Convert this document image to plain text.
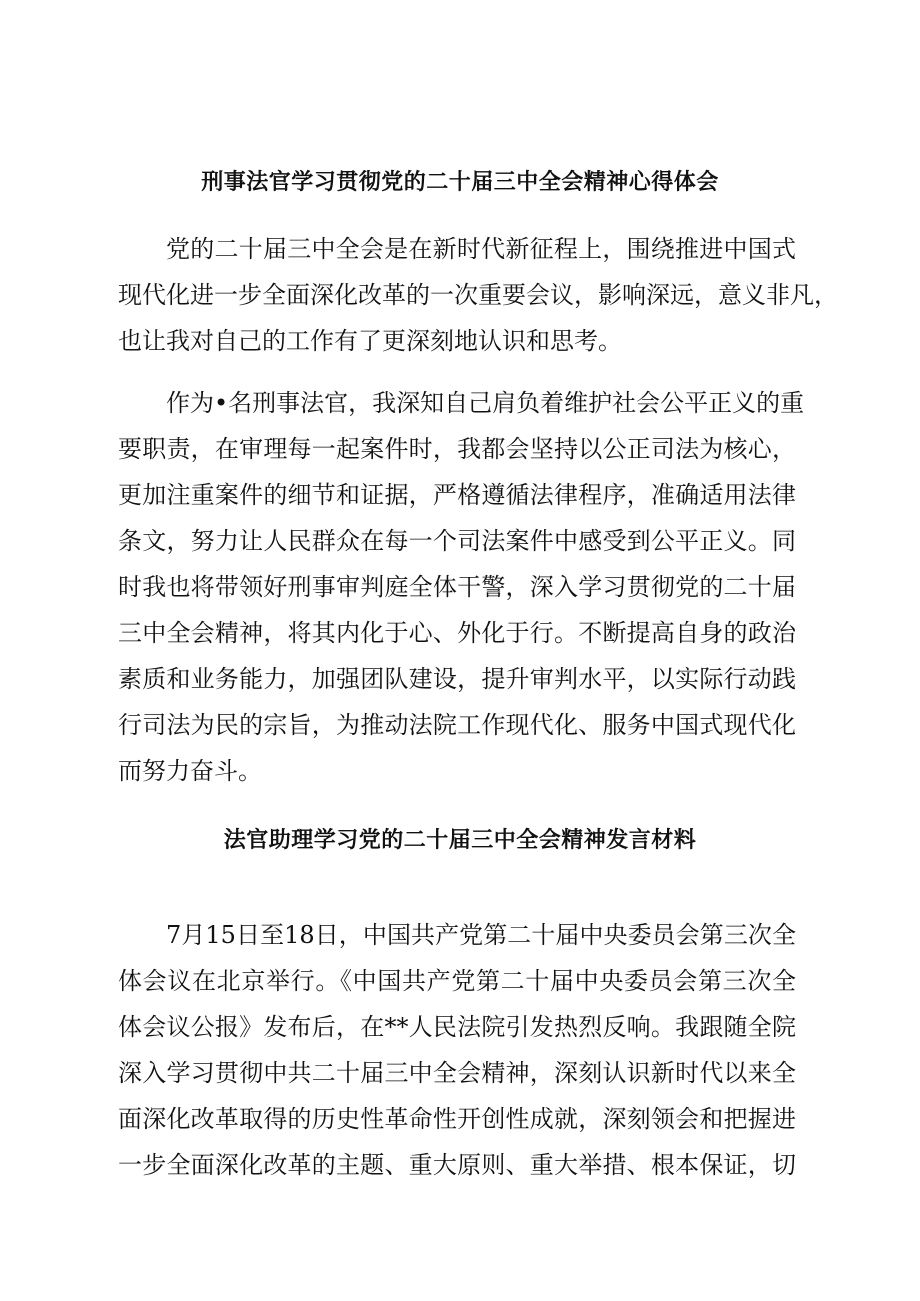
刑事法官学习贯彻党的二十届三中全会精神心得体会

党的二十届三中全会是在新时代新征程上，围绕推进中国式

现代化进一步全面深化改革的一次重要会议，影响深远，意义非凡，

也让我对自己的工作有了更深刻地认识和思考。

作为•名刑事法官，我深知自己肩负着维护社会公平正义的重

要职责，在审理每一起案件时，我都会坚持以公正司法为核心，

更加注重案件的细节和证据，严格遵循法律程序，准确适用法律

条文，努力让人民群众在每一个司法案件中感受到公平正义。同

时我也将带领好刑事审判庭全体干警，深入学习贯彻党的二十届

三中全会精神，将其内化于心、外化于行。不断提高自身的政治

素质和业务能力，加强团队建设，提升审判水平，以实际行动践

行司法为民的宗旨，为推动法院工作现代化、服务中国式现代化

而努力奋斗。

法官助理学习党的二十届三中全会精神发言材料

7月15日至18日，中国共产党第二十届中央委员会第三次全

体会议在北京举行。《中国共产党第二十届中央委员会第三次全

体会议公报》发布后，在**人民法院引发热烈反响。我跟随全院

深入学习贯彻中共二十届三中全会精神，深刻认识新时代以来全

面深化改革取得的历史性革命性开创性成就，深刻领会和把握进

一步全面深化改革的主题、重大原则、重大举措、根本保证，切
